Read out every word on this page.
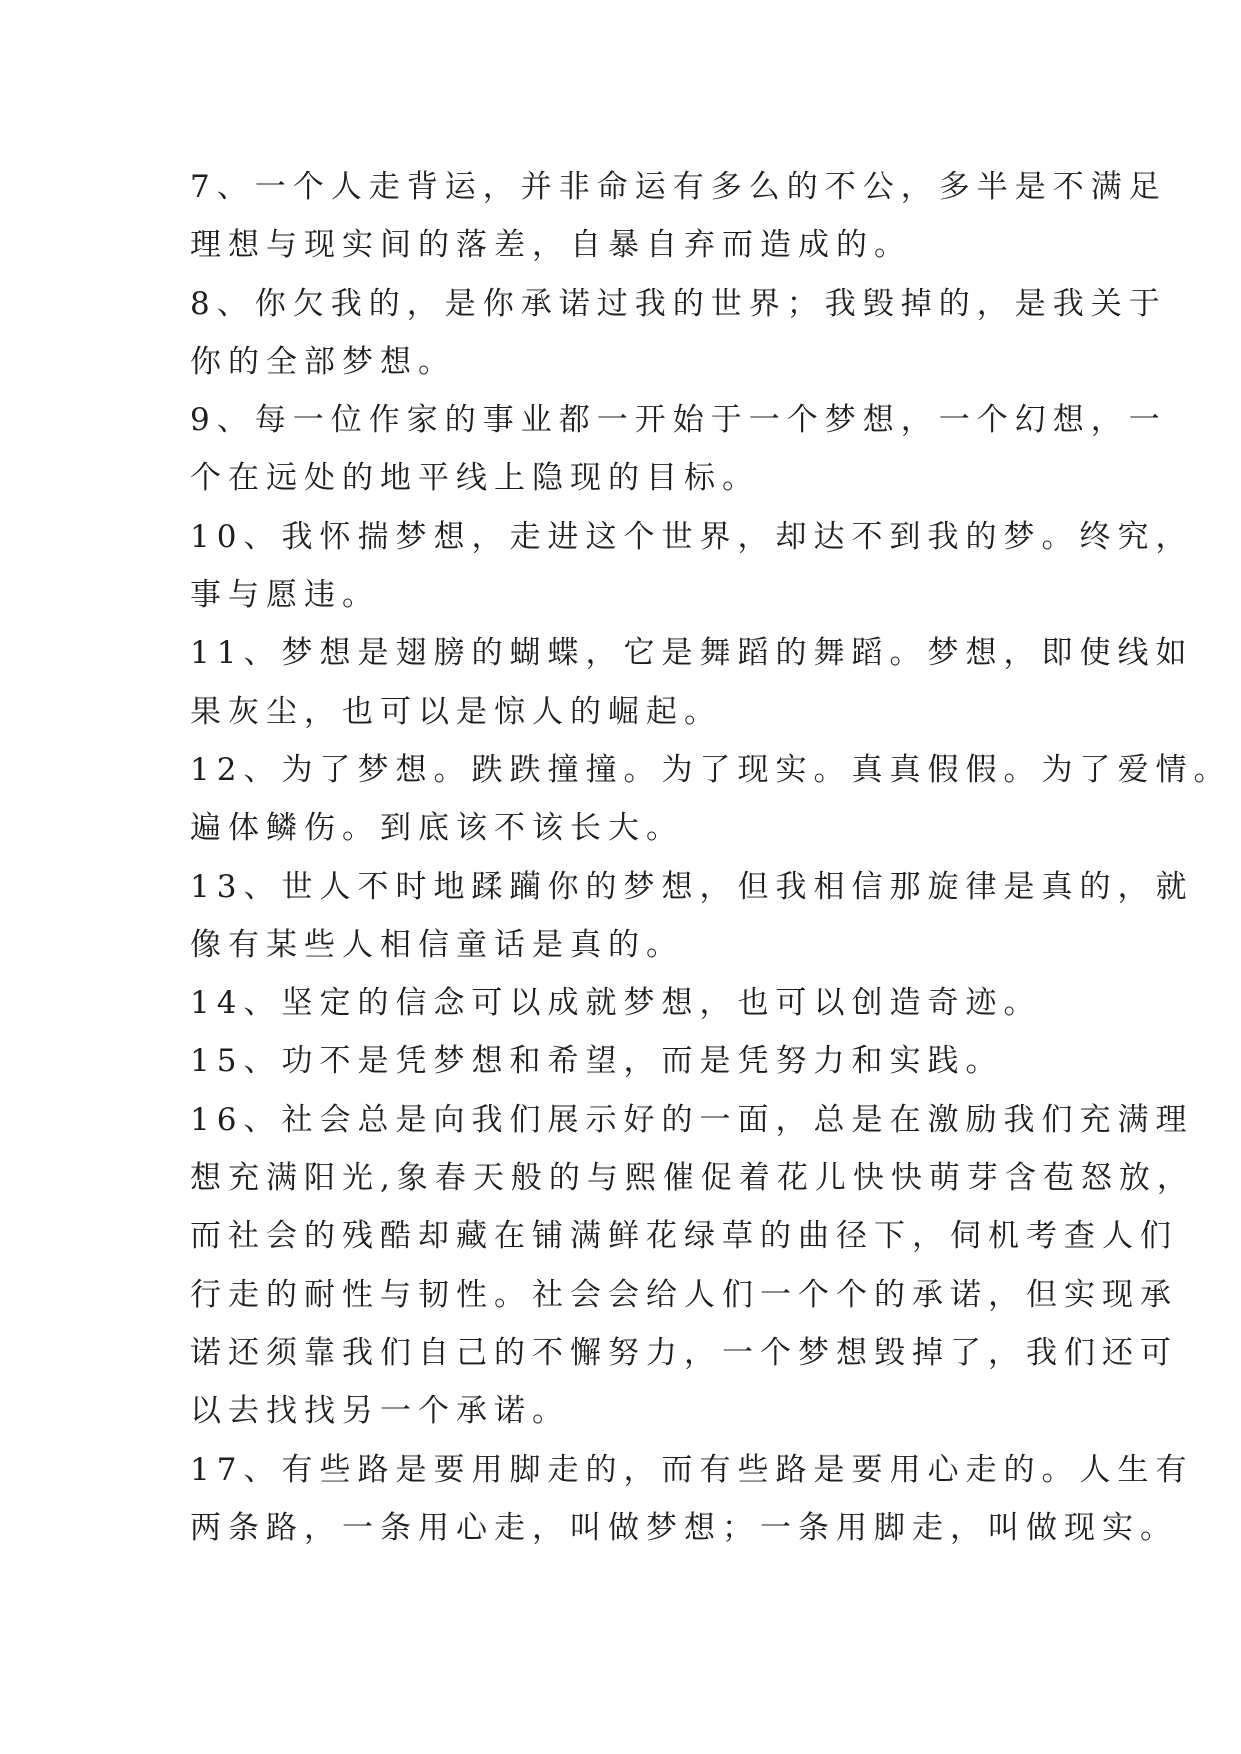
7、一个人走背运，并非命运有多么的不公，多半是不满足
理想与现实间的落差，自暴自弃而造成的。
8、你欠我的，是你承诺过我的世界；我毁掉的，是我关于
你的全部梦想。
9、每一位作家的事业都一开始于一个梦想，一个幻想，一
个在远处的地平线上隐现的目标。
10、我怀揣梦想，走进这个世界，却达不到我的梦。终究，
事与愿违。
11、梦想是翅膀的蝴蝶，它是舞蹈的舞蹈。梦想，即使线如
果灰尘，也可以是惊人的崛起。
12、为了梦想。跌跌撞撞。为了现实。真真假假。为了爱情。
遍体鳞伤。到底该不该长大。
13、世人不时地蹂躏你的梦想，但我相信那旋律是真的，就
像有某些人相信童话是真的。
14、坚定的信念可以成就梦想，也可以创造奇迹。
15、功不是凭梦想和希望，而是凭努力和实践。
16、社会总是向我们展示好的一面，总是在激励我们充满理
想充满阳光,象春天般的与熙催促着花儿快快萌芽含苞怒放，
而社会的残酷却藏在铺满鲜花绿草的曲径下，伺机考查人们
行走的耐性与韧性。社会会给人们一个个的承诺，但实现承
诺还须靠我们自己的不懈努力，一个梦想毁掉了，我们还可
以去找找另一个承诺。
17、有些路是要用脚走的，而有些路是要用心走的。人生有
两条路，一条用心走，叫做梦想；一条用脚走，叫做现实。
